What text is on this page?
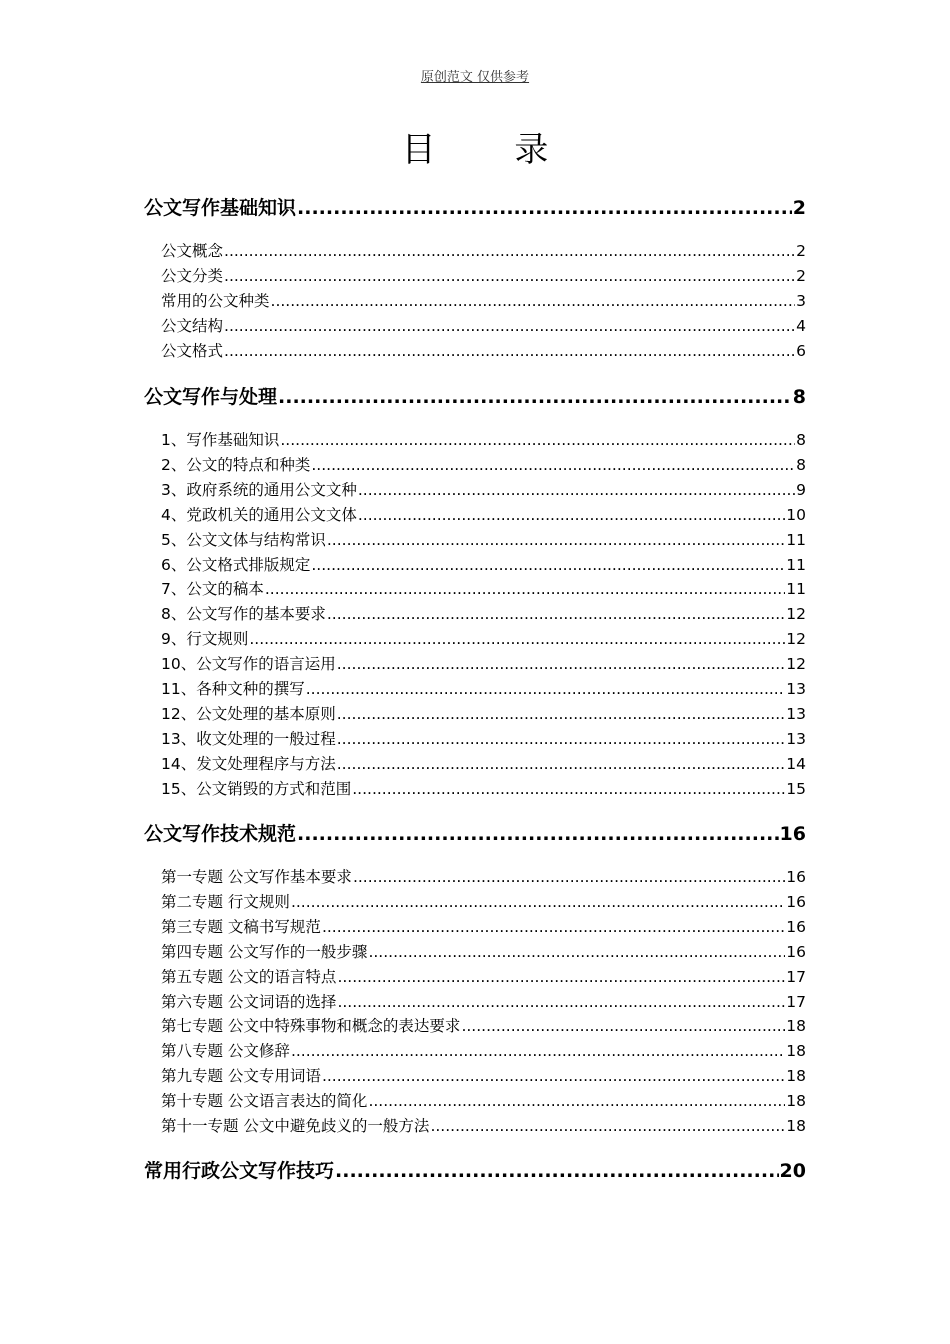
原创范文 仅供参考
目 录
公文写作基础知识 .....	2
公文概念 .....	2
公文分类 .....	2
常用的公文种类 .....	3
公文结构 .....	4
公文格式 .....	6
公文写作与处理 .....	8
1、写作基础知识 .....	8
2、公文的特点和种类 .....	8
3、政府系统的通用公文文种 .....	9
4、党政机关的通用公文文体 .....	10
5、公文文体与结构常识 .....	11
6、公文格式排版规定 .....	11
7、公文的稿本 .....	11
8、公文写作的基本要求 .....	12
9、行文规则 .....	12
10、公文写作的语言运用 .....	12
11、各种文种的撰写 .....	13
12、公文处理的基本原则 .....	13
13、收文处理的一般过程 .....	13
14、发文处理程序与方法 .....	14
15、公文销毁的方式和范围 .....	15
公文写作技术规范 .....	16
第一专题 公文写作基本要求 .....	16
第二专题 行文规则 .....	16
第三专题 文稿书写规范 .....	16
第四专题 公文写作的一般步骤 .....	16
第五专题 公文的语言特点 .....	17
第六专题 公文词语的选择 .....	17
第七专题 公文中特殊事物和概念的表达要求 .....	18
第八专题 公文修辞 .....	18
第九专题 公文专用词语 .....	18
第十专题 公文语言表达的简化 .....	18
第十一专题 公文中避免歧义的一般方法 .....	18
常用行政公文写作技巧 .....	20
